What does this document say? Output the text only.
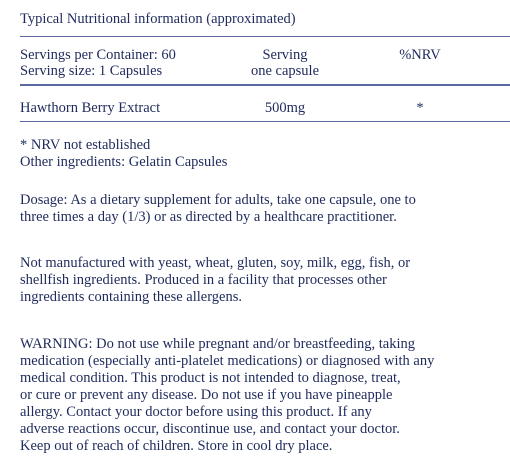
Typical Nutritional information (approximated)
Servings per Container: 60
Serving size: 1 Capsules
Serving
one capsule
%NRV
Hawthorn Berry Extract	500mg	*
* NRV not established
Other ingredients: Gelatin Capsules
Dosage: As a dietary supplement for adults, take one capsule, one to
three times a day (1/3) or as directed by a healthcare practitioner.
Not manufactured with yeast, wheat, gluten, soy, milk, egg, fish, or
shellfish ingredients. Produced in a facility that processes other
ingredients containing these allergens.
WARNING: Do not use while pregnant and/or breastfeeding, taking
medication (especially anti-platelet medications) or diagnosed with any
medical condition. This product is not intended to diagnose, treat,
or cure or prevent any disease. Do not use if you have pineapple
allergy. Contact your doctor before using this product. If any
adverse reactions occur, discontinue use, and contact your doctor.
Keep out of reach of children. Store in cool dry place.
